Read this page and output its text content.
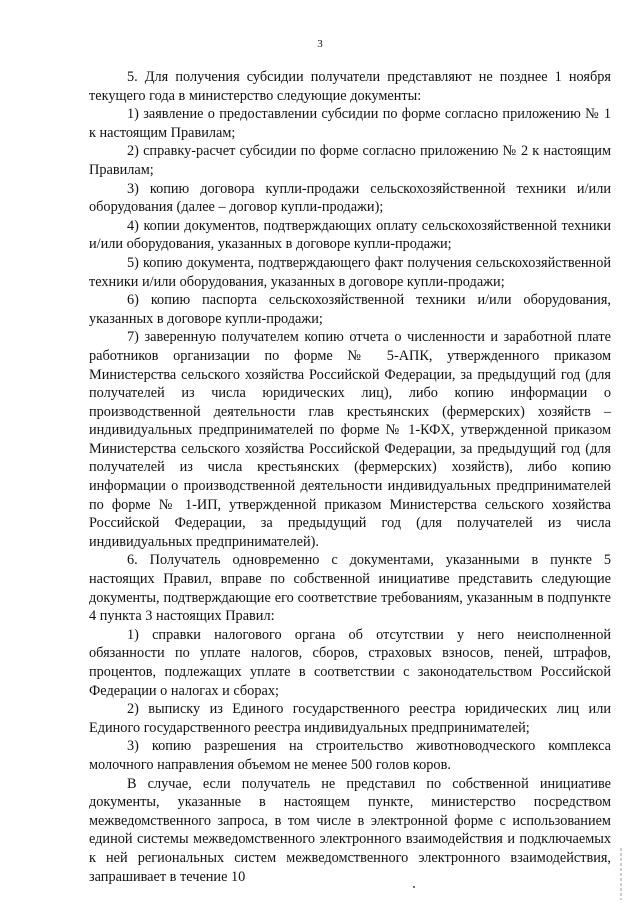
3

5. Для получения субсидии получатели представляют не позднее 1 ноября текущего года в министерство следующие документы:

1) заявление о предоставлении субсидии по форме согласно приложению № 1 к настоящим Правилам;

2) справку-расчет субсидии по форме согласно приложению № 2 к настоящим Правилам;

3) копию договора купли-продажи сельскохозяйственной техники и/или оборудования (далее – договор купли-продажи);

4) копии документов, подтверждающих оплату сельскохозяйственной техники и/или оборудования, указанных в договоре купли-продажи;

5) копию документа, подтверждающего факт получения сельскохозяйственной техники и/или оборудования, указанных в договоре купли-продажи;

6) копию паспорта сельскохозяйственной техники и/или оборудования, указанных в договоре купли-продажи;

7) заверенную получателем копию отчета о численности и заработной плате работников организации по форме № 5-АПК, утвержденного приказом Министерства сельского хозяйства Российской Федерации, за предыдущий год (для получателей из числа юридических лиц), либо копию информации о производственной деятельности глав крестьянских (фермерских) хозяйств – индивидуальных предпринимателей по форме № 1-КФХ, утвержденной приказом Министерства сельского хозяйства Российской Федерации, за предыдущий год (для получателей из числа крестьянских (фермерских) хозяйств), либо копию информации о производственной деятельности индивидуальных предпринимателей по форме № 1-ИП, утвержденной приказом Министерства сельского хозяйства Российской Федерации, за предыдущий год (для получателей из числа индивидуальных предпринимателей).

6. Получатель одновременно с документами, указанными в пункте 5 настоящих Правил, вправе по собственной инициативе представить следующие документы, подтверждающие его соответствие требованиям, указанным в подпункте 4 пункта 3 настоящих Правил:

1) справки налогового органа об отсутствии у него неисполненной обязанности по уплате налогов, сборов, страховых взносов, пеней, штрафов, процентов, подлежащих уплате в соответствии с законодательством Российской Федерации о налогах и сборах;

2) выписку из Единого государственного реестра юридических лиц или Единого государственного реестра индивидуальных предпринимателей;

3) копию разрешения на строительство животноводческого комплекса молочного направления объемом не менее 500 голов коров.

В случае, если получатель не представил по собственной инициативе документы, указанные в настоящем пункте, министерство посредством межведомственного запроса, в том числе в электронной форме с использованием единой системы межведомственного электронного взаимодействия и подключаемых к ней региональных систем межведомственного электронного взаимодействия, запрашивает в течение 10
